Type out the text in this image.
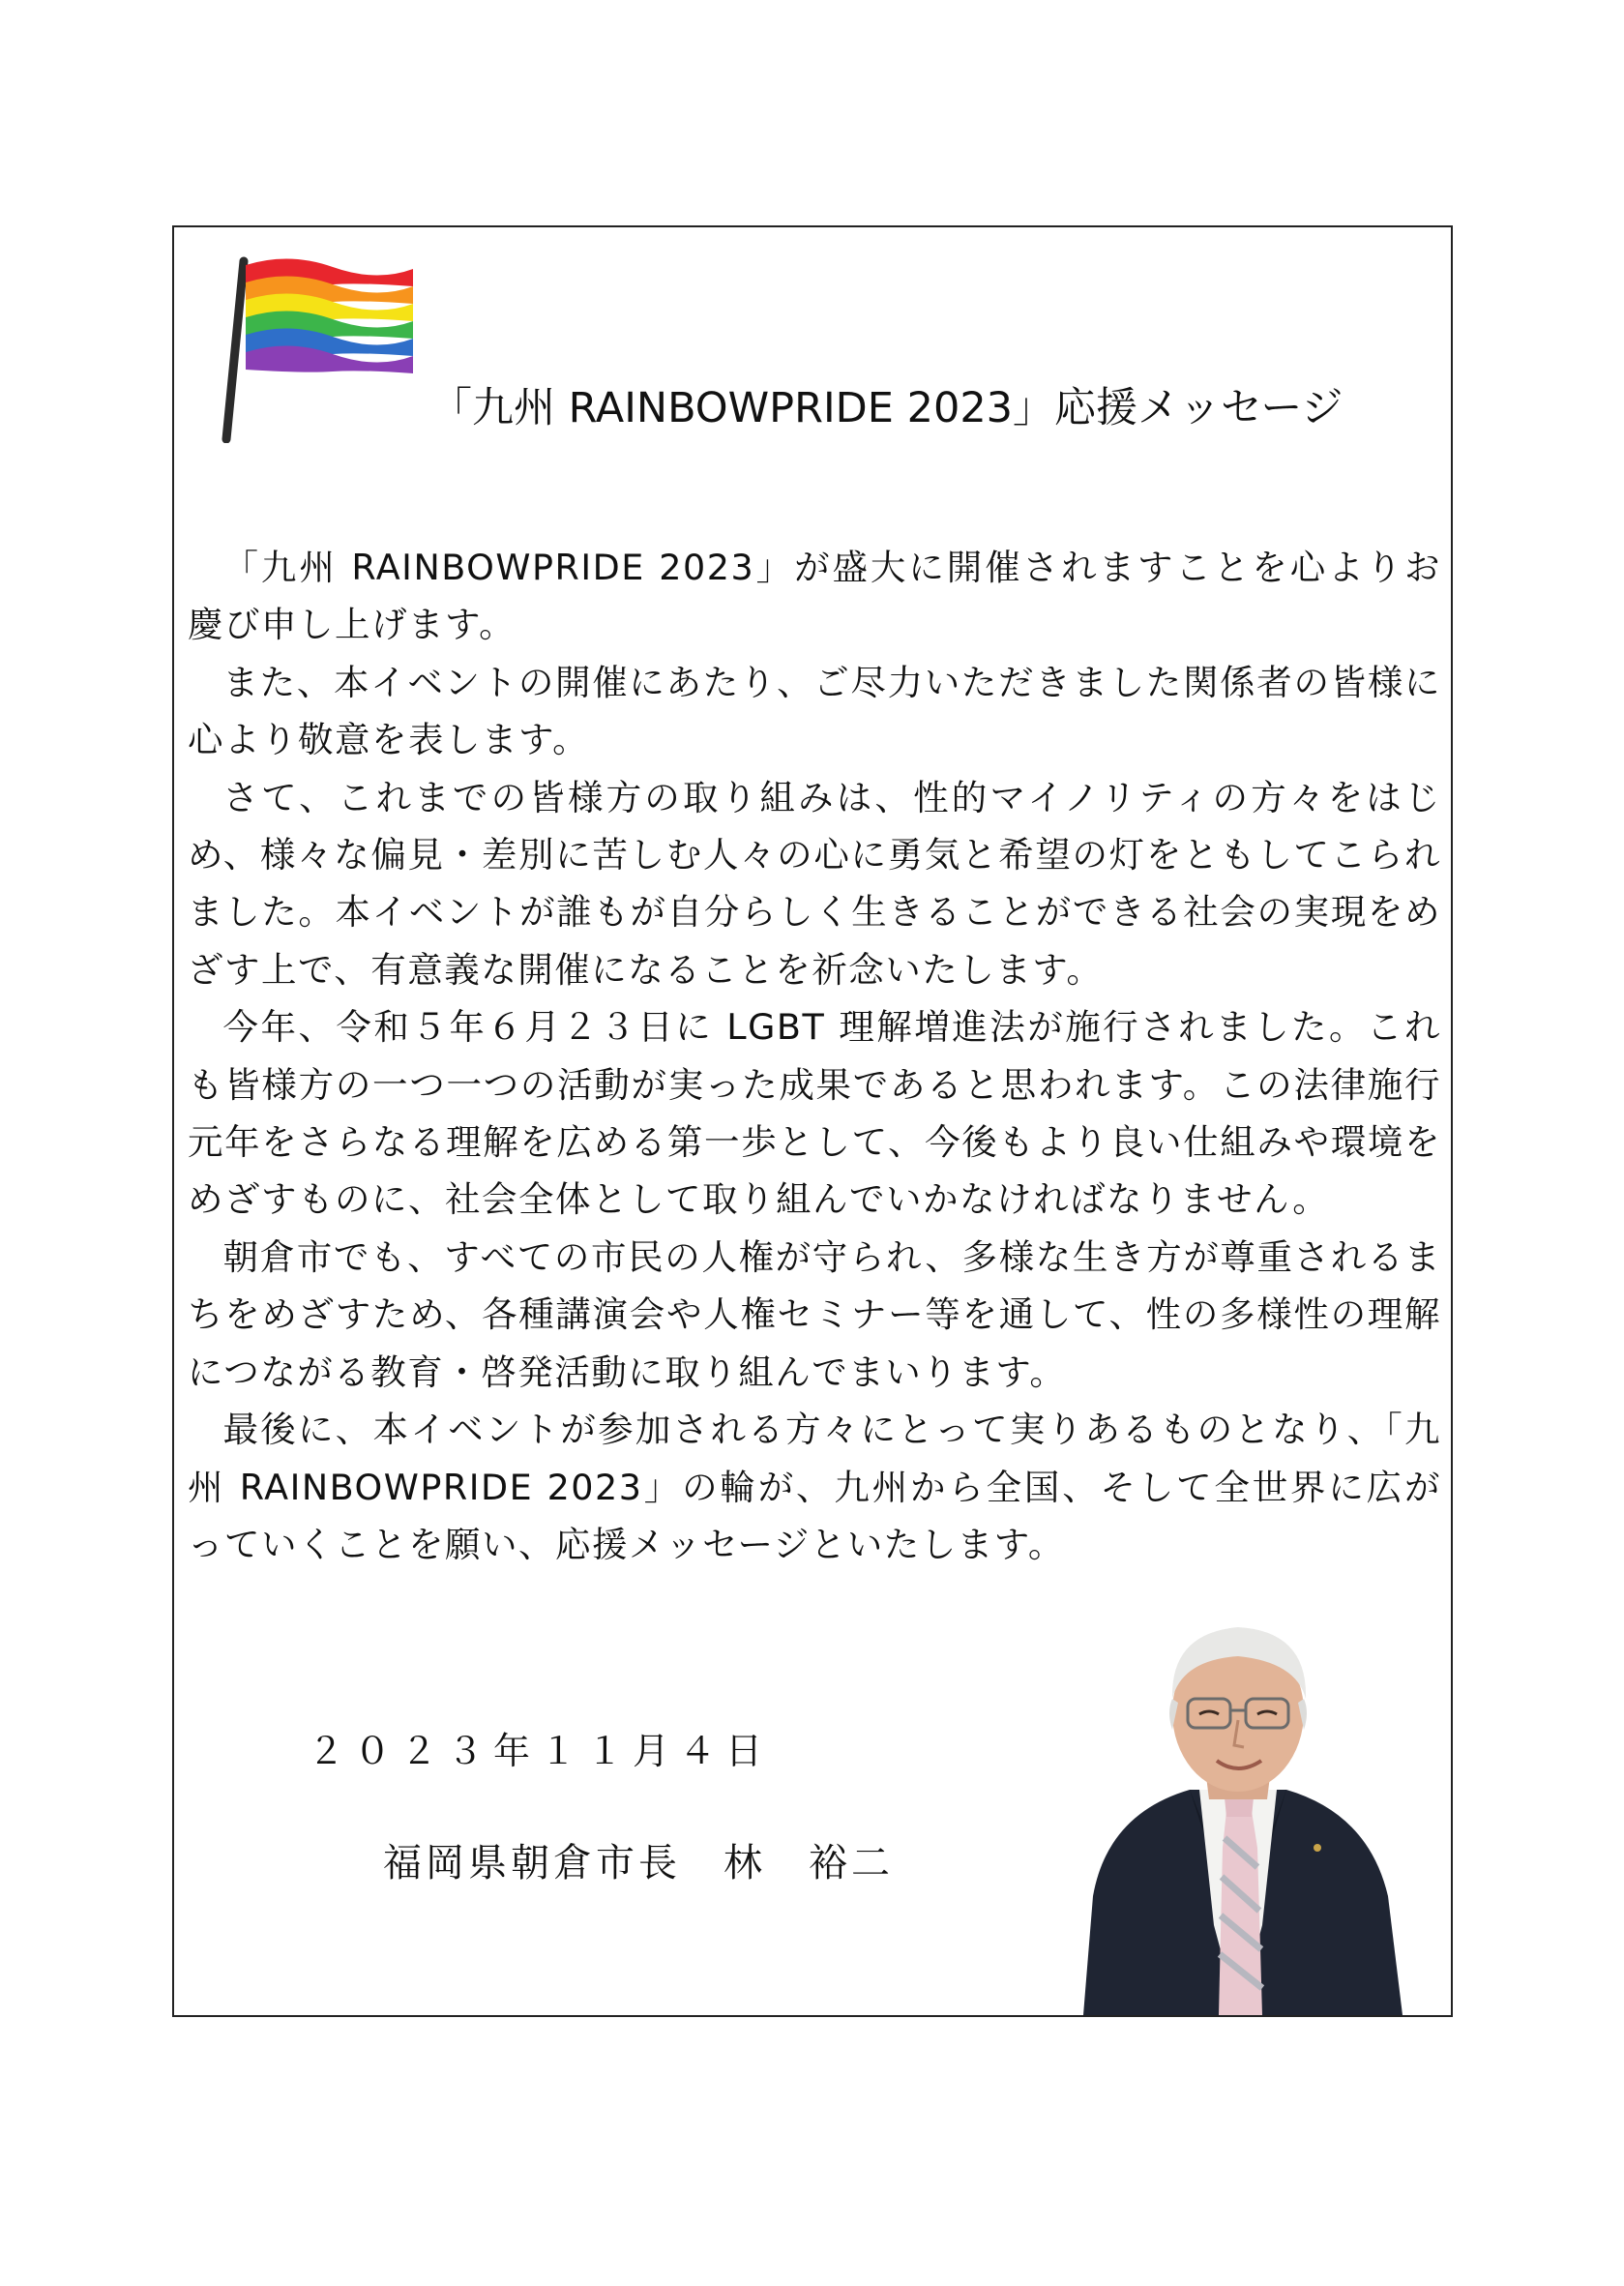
「九州 RAINBOWPRIDE 2023」応援メッセージ

「九州 RAINBOWPRIDE 2023」が盛大に開催されますことを心よりお慶び申し上げます。

また、本イベントの開催にあたり、ご尽力いただきました関係者の皆様に心より敬意を表します。

さて、これまでの皆様方の取り組みは、性的マイノリティの方々をはじめ、様々な偏見・差別に苦しむ人々の心に勇気と希望の灯をともしてこられました。本イベントが誰もが自分らしく生きることができる社会の実現をめざす上で、有意義な開催になることを祈念いたします。

今年、令和５年６月２３日に LGBT 理解増進法が施行されました。これも皆様方の一つ一つの活動が実った成果であると思われます。この法律施行元年をさらなる理解を広める第一歩として、今後もより良い仕組みや環境をめざすものに、社会全体として取り組んでいかなければなりません。

朝倉市でも、すべての市民の人権が守られ、多様な生き方が尊重されるまちをめざすため、各種講演会や人権セミナー等を通して、性の多様性の理解につながる教育・啓発活動に取り組んでまいります。

最後に、本イベントが参加される方々にとって実りあるものとなり、「九州 RAINBOWPRIDE 2023」の輪が、九州から全国、そして全世界に広がっていくことを願い、応援メッセージといたします。

２０２３年１１月４日
福岡県朝倉市長　林　裕二
